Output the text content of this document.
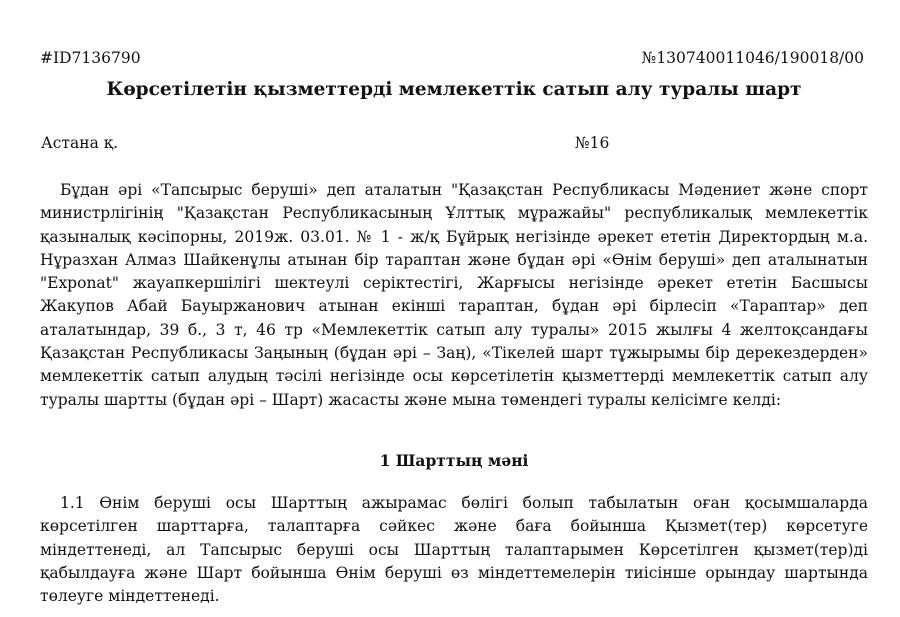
#ID7136790	№130740011046/190018/00
Көрсетілетін қызметтерді мемлекеттік сатып алу туралы шарт
Астана қ.	№16
Бұдан әрі «Тапсырыс беруші» деп аталатын "Қазақстан Республикасы Мәдениет және спорт министрлігінің "Қазақстан Республикасының Ұлттық мұражайы" республикалық мемлекеттік қазыналық кәсіпорны, 2019ж. 03.01. № 1 - ж/қ Бұйрық негізінде әрекет ететін Директордың м.а. Нұразхан Алмаз Шайкенұлы атынан бір тараптан және бұдан әрі «Өнім беруші» деп аталынатын "Exponat" жауапкершілігі шектеулі серіктестігі, Жарғысы негізінде әрекет ететін Басшысы Жакупов Абай Бауыржанович атынан екінші тараптан, бұдан әрі бірлесіп «Тараптар» деп аталатындар, 39 б., 3 т, 46 тр «Мемлекеттік сатып алу туралы» 2015 жылғы 4 желтоқсандағы Қазақстан Республикасы Заңының (бұдан әрі – Заң), «Тікелей шарт тұжырымы бір дерекездерден» мемлекеттік сатып алудың тәсілі негізінде осы көрсетілетін қызметтерді мемлекеттік сатып алу туралы шартты (бұдан әрі – Шарт) жасасты және мына төмендегі туралы келісімге келді:
1 Шарттың мәні
1.1 Өнім беруші осы Шарттың ажырамас бөлігі болып табылатын оған қосымшаларда көрсетілген шарттарға, талаптарға сәйкес және баға бойынша Қызмет(тер) көрсетуге міндеттенеді, ал Тапсырыс беруші осы Шарттың талаптарымен Көрсетілген қызмет(тер)ді қабылдауға және Шарт бойынша Өнім беруші өз міндеттемелерін тиісінше орындау шартында төлеуге міндеттенеді.
